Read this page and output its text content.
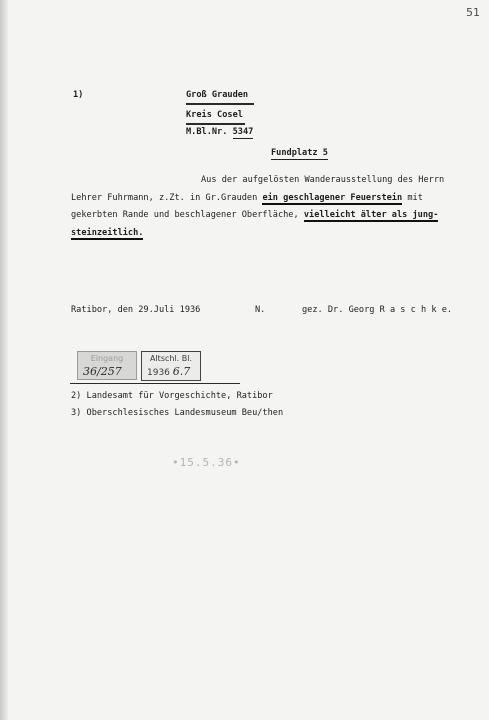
51
1)	Groß Grauden
Kreis Cosel
M.Bl.Nr. 5347
Fundplatz 5
Aus der aufgelösten Wanderausstellung des Herrn
Lehrer Fuhrmann, z.Zt. in Gr.Grauden ein geschlagener Feuerstein mit
gekerbten Rande und beschlagener Oberfläche, vielleicht älter als jung-
steinzeitlich.
Ratibor, den 29.Juli 1936	N.	gez. Dr. Georg R a s c h k e.
Eingang
36/257
Altschl. Bl.
1936 6.7
2) Landesamt für Vorgeschichte, Ratibor
3) Oberschlesisches Landesmuseum Beu/then
•15.5.36•
